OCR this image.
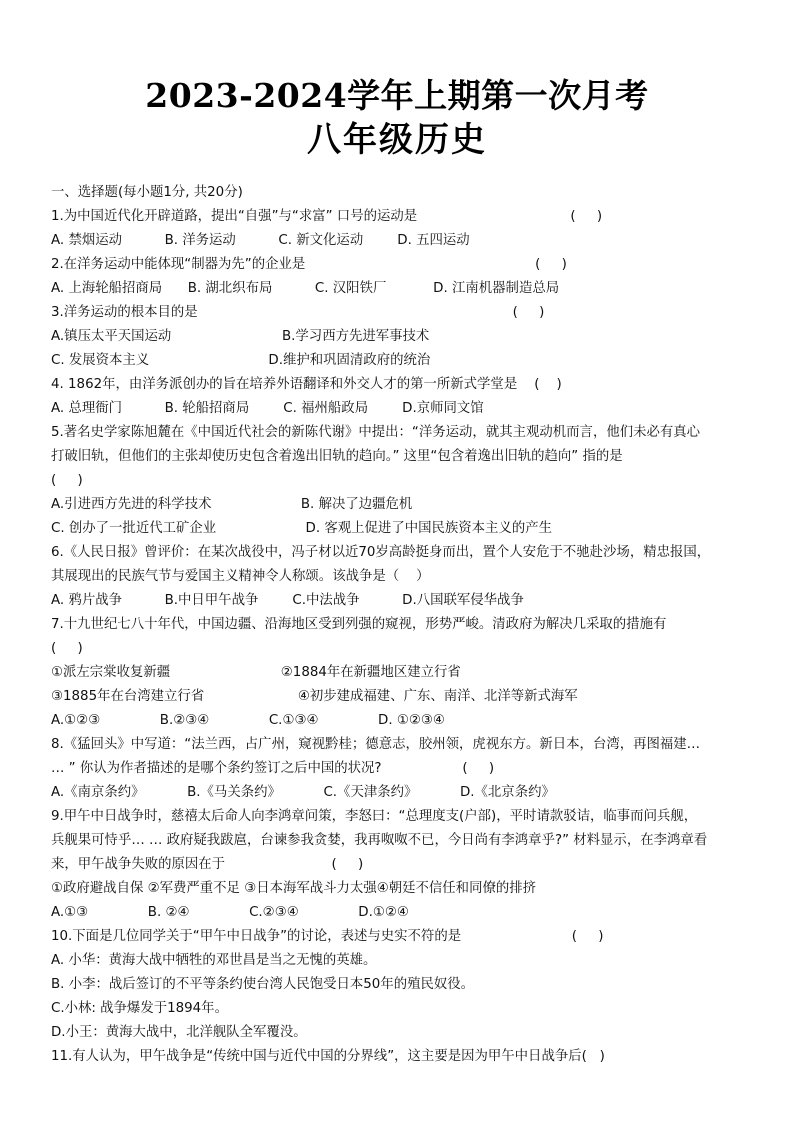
2023-2024学年上期第一次月考
八年级历史
一、选择题(每小题1分, 共20分)
1.为中国近代化开辟道路，提出“自强”与“求富” 口号的运动是                                    (     )
A. 禁烟运动          B. 洋务运动          C. 新文化运动        D. 五四运动
2.在洋务运动中能体现“制器为先”的企业是                                                      (     )
A. 上海轮船招商局      B. 湖北织布局          C. 汉阳铁厂           D. 江南机器制造总局
3.洋务运动的根本目的是                                                                          (     )
A.镇压太平天国运动                          B.学习西方先进军事技术
C. 发展资本主义                            D.维护和巩固清政府的统治
4. 1862年，由洋务派创办的旨在培养外语翻译和外交人才的第一所新式学堂是    (    )
A. 总理衙门          B. 轮船招商局        C. 福州船政局        D.京师同文馆
5.著名史学家陈旭麓在《中国近代社会的新陈代谢》中提出：“洋务运动，就其主观动机而言，他们未必有真心
打破旧轨，但他们的主张却使历史包含着逸出旧轨的趋向。” 这里“包含着逸出旧轨的趋向” 指的是
(     )
A.引进西方先进的科学技术                     B. 解决了边疆危机
C. 创办了一批近代工矿企业                     D. 客观上促进了中国民族资本主义的产生
6.《人民日报》曾评价：在某次战役中，冯子材以近70岁高龄挺身而出，置个人安危于不驰赴沙场，精忠报国，
其展现出的民族气节与爱国主义精神令人称颂。该战争是（    ）
A. 鸦片战争          B.中日甲午战争        C.中法战争          D.八国联军侵华战争
7.十九世纪七八十年代，中国边疆、沿海地区受到列强的窥视，形势严峻。清政府为解决几采取的措施有
(     )
①派左宗棠收复新疆                          ②1884年在新疆地区建立行省
③1885年在台湾建立行省                      ④初步建成福建、广东、南洋、北洋等新式海军
A.①②③              B.②③④              C.①③④              D. ①②③④
8.《猛回头》中写道：“法兰西，占广州，窥视黔桂；德意志，胶州领，虎视东方。新日本，台湾，再图福建…
… ” 你认为作者描述的是哪个条约签订之后中国的状况?                   (     )
A.《南京条约》          B.《马关条约》          C.《天津条约》          D.《北京条约》
9.甲午中日战争时，慈禧太后命人向李鸿章问策，李怒曰：“总理度支(户部)，平时请款驳诘，临事而问兵舰，
兵舰果可恃乎… … 政府疑我跋扈，台谏参我贪婪，我再呶呶不已，今日尚有李鸿章乎?” 材料显示，在李鸿章看
来，甲午战争失败的原因在于                         (     )
①政府避战自保 ②军费严重不足 ③日本海军战斗力太强④朝廷不信任和同僚的排挤
A.①③              B. ②④              C.②③④              D.①②④
10.下面是几位同学关于“甲午中日战争”的讨论，表述与史实不符的是                          (     )
A. 小华：黄海大战中牺牲的邓世昌是当之无愧的英雄。
B. 小李：战后签订的不平等条约使台湾人民饱受日本50年的殖民奴役。
C.小林: 战争爆发于1894年。
D.小王：黄海大战中，北洋舰队全军覆没。
11.有人认为，甲午战争是“传统中国与近代中国的分界线”，这主要是因为甲午中日战争后(   )
